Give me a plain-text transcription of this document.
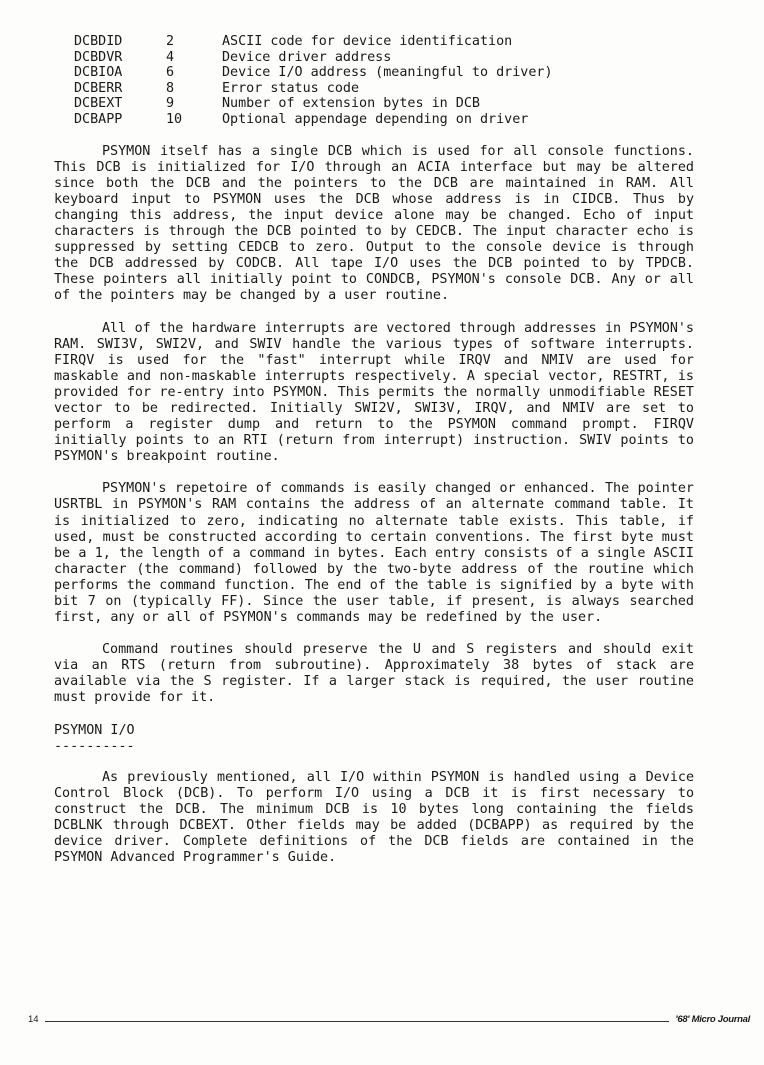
DCBDID	2	ASCII code for device identification
DCBDVR	4	Device driver address
DCBIOA	6	Device I/O address (meaningful to driver)
DCBERR	8	Error status code
DCBEXT	9	Number of extension bytes in DCB
DCBAPP	10	Optional appendage depending on driver

PSYMON itself has a single DCB which is used for all console functions. This DCB is initialized for I/O through an ACIA interface but may be altered since both the DCB and the pointers to the DCB are maintained in RAM. All keyboard input to PSYMON uses the DCB whose address is in CIDCB. Thus by changing this address, the input device alone may be changed. Echo of input characters is through the DCB pointed to by CEDCB. The input character echo is suppressed by setting CEDCB to zero. Output to the console device is through the DCB addressed by CODCB. All tape I/O uses the DCB pointed to by TPDCB. These pointers all initially point to CONDCB, PSYMON's console DCB. Any or all of the pointers may be changed by a user routine.

All of the hardware interrupts are vectored through addresses in PSYMON's RAM. SWI3V, SWI2V, and SWIV handle the various types of software interrupts. FIRQV is used for the "fast" interrupt while IRQV and NMIV are used for maskable and non-maskable interrupts respectively. A special vector, RESTRT, is provided for re-entry into PSYMON. This permits the normally unmodifiable RESET vector to be redirected. Initially SWI2V, SWI3V, IRQV, and NMIV are set to perform a register dump and return to the PSYMON command prompt. FIRQV initially points to an RTI (return from interrupt) instruction. SWIV points to PSYMON's breakpoint routine.

PSYMON's repetoire of commands is easily changed or enhanced. The pointer USRTBL in PSYMON's RAM contains the address of an alternate command table. It is initialized to zero, indicating no alternate table exists. This table, if used, must be constructed according to certain conventions. The first byte must be a 1, the length of a command in bytes. Each entry consists of a single ASCII character (the command) followed by the two-byte address of the routine which performs the command function. The end of the table is signified by a byte with bit 7 on (typically FF). Since the user table, if present, is always searched first, any or all of PSYMON's commands may be redefined by the user.

Command routines should preserve the U and S registers and should exit via an RTS (return from subroutine). Approximately 38 bytes of stack are available via the S register. If a larger stack is required, the user routine must provide for it.

PSYMON I/O
----------

As previously mentioned, all I/O within PSYMON is handled using a Device Control Block (DCB). To perform I/O using a DCB it is first necessary to construct the DCB. The minimum DCB is 10 bytes long containing the fields DCBLNK through DCBEXT. Other fields may be added (DCBAPP) as required by the device driver. Complete definitions of the DCB fields are contained in the PSYMON Advanced Programmer's Guide.

14	'68' Micro Journal
